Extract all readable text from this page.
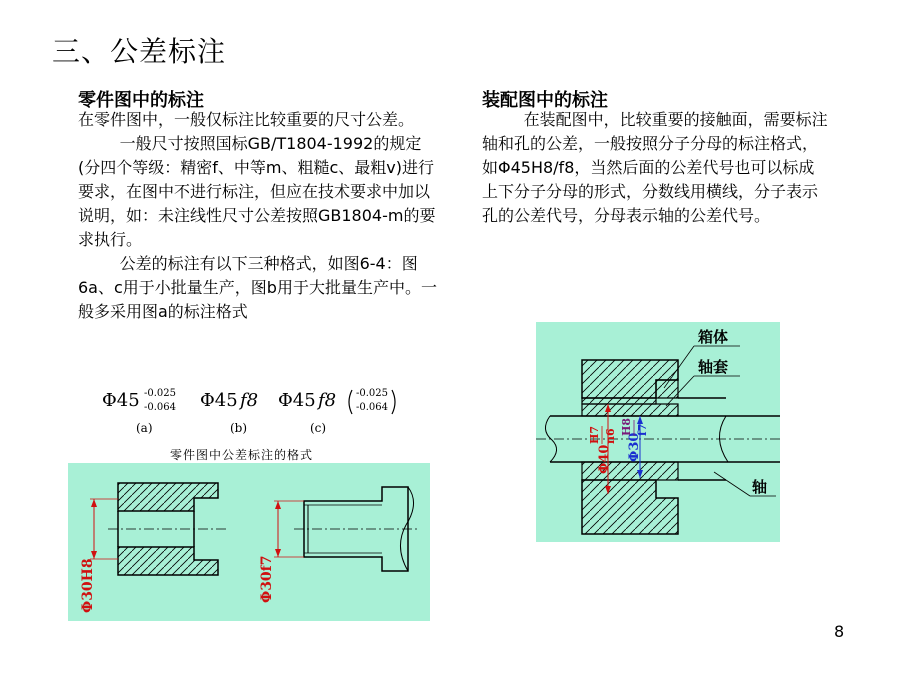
三、公差标注
零件图中的标注

在零件图中，一般仅标注比较重要的尺寸公差。

一般尺寸按照国标GB/T1804-1992的规定(分四个等级：精密f、中等m、粗糙c、最粗v)进行要求，在图中不进行标注，但应在技术要求中加以说明，如：未注线性尺寸公差按照GB1804-m的要求执行。

公差的标注有以下三种格式，如图6-4：图6a、c用于小批量生产，图b用于大批量生产中。一般多采用图a的标注格式

Φ45 -0.025
-0.064 Φ45 f8 Φ45 f8 -0.025
-0.064
(a)	(b)	(c)
零件图中公差标注的格式
Φ30H8	Φ30f7
装配图中的标注
在装配图中，比较重要的接触面，需要标注轴和孔的公差，一般按照分子分母的标注格式，如Φ45H8/f8，当然后面的公差代号也可以标成上下分子分母的形式，分数线用横线，分子表示孔的公差代号，分母表示轴的公差代号。
箱体
轴套
轴
Φ40
H7 n6 Φ30
H8 f7
8
